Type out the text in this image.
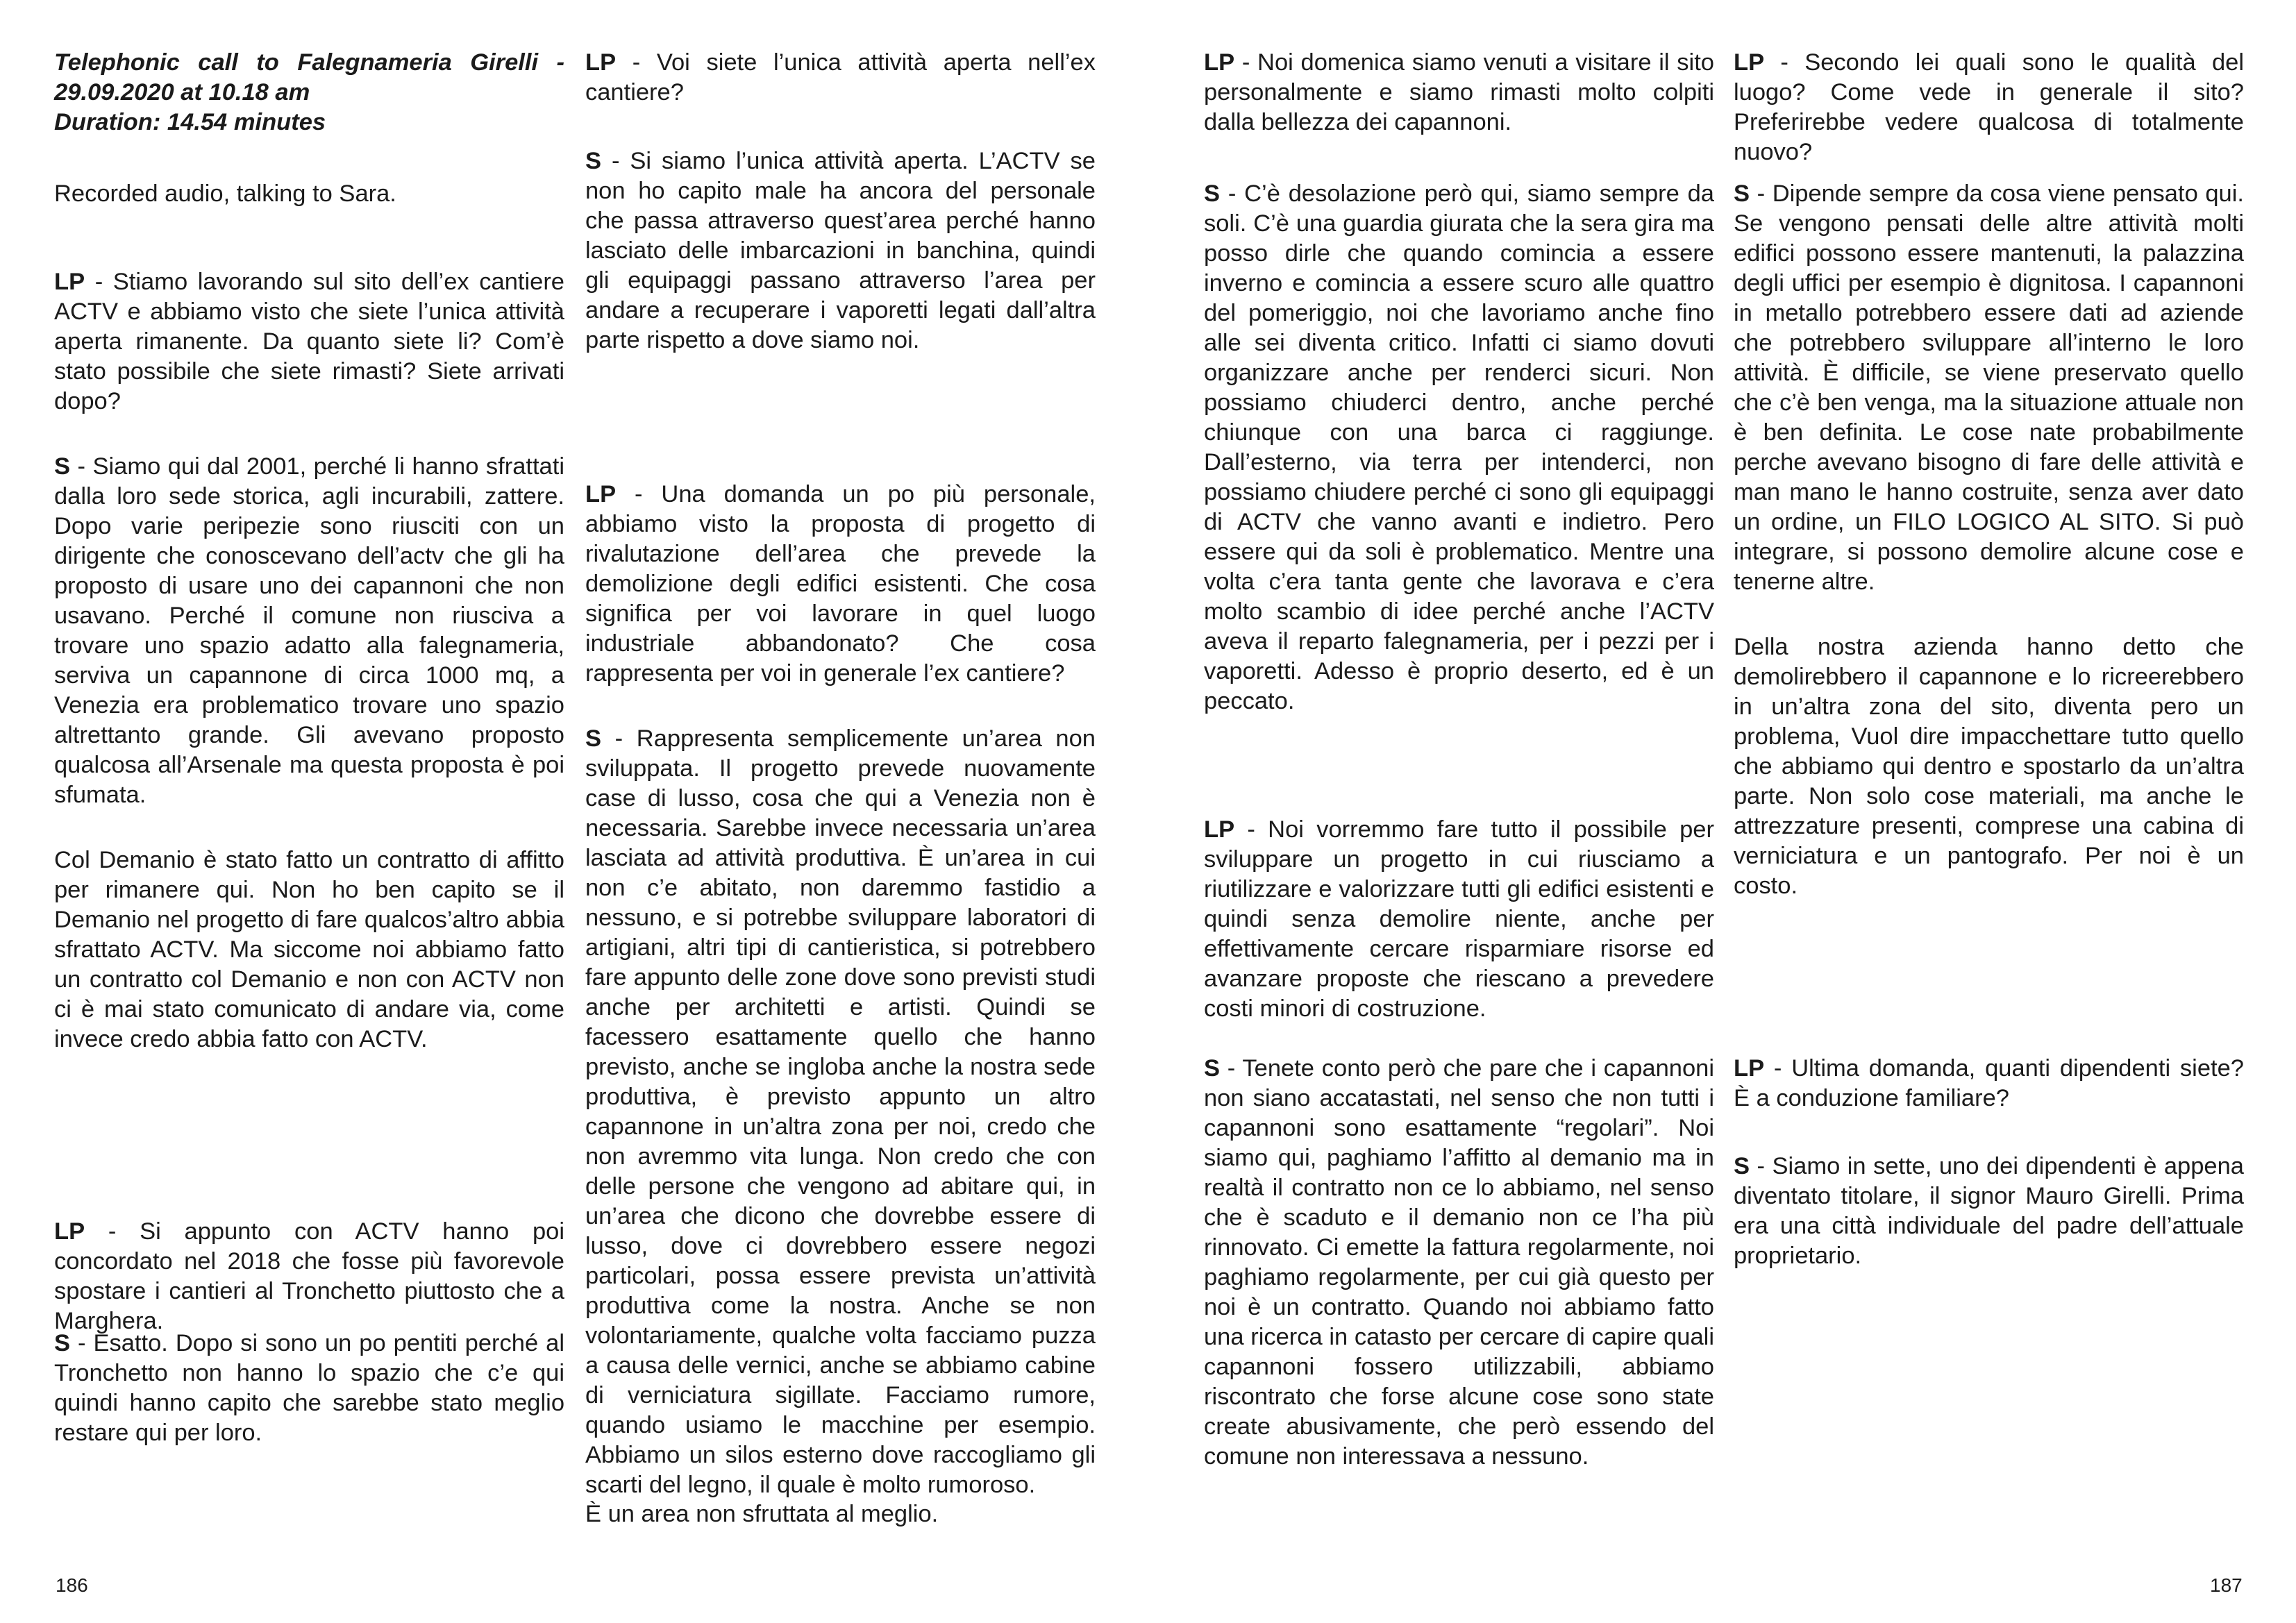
Telephonic call to Falegnameria Girelli -
29.09.2020 at 10.18 am
Duration: 14.54 minutes

Recorded audio, talking to Sara.

LP - Stiamo lavorando sul sito dell’ex cantiere ACTV e abbiamo visto che siete l’unica attività aperta rimanente. Da quanto siete li? Com’è stato possibile che siete rimasti? Siete arrivati dopo?

S - Siamo qui dal 2001, perché li hanno sfrattati dalla loro sede storica, agli incurabili, zattere. Dopo varie peripezie sono riusciti con un dirigente che conoscevano dell’actv che gli ha proposto di usare uno dei capannoni che non usavano. Perché il comune non riusciva a trovare uno spazio adatto alla falegnameria, serviva un capannone di circa 1000 mq, a Venezia era problematico trovare uno spazio altrettanto grande. Gli avevano proposto qualcosa all’Arsenale ma questa proposta è poi sfumata.

Col Demanio è stato fatto un contratto di affitto per rimanere qui. Non ho ben capito se il Demanio nel progetto di fare qualcos’altro abbia sfrattato ACTV. Ma siccome noi abbiamo fatto un contratto col Demanio e non con ACTV non ci è mai stato comunicato di andare via, come invece credo abbia fatto con ACTV.

LP - Si appunto con ACTV hanno poi concordato nel 2018 che fosse più favorevole spostare i cantieri al Tronchetto piuttosto che a Marghera.

S - Esatto. Dopo si sono un po pentiti perché al Tronchetto non hanno lo spazio che c’e qui quindi hanno capito che sarebbe stato meglio restare qui per loro.

LP - Voi siete l’unica attività aperta nell’ex cantiere?

S - Si siamo l’unica attività aperta. L’ACTV se non ho capito male ha ancora del personale che passa attraverso quest’area perché hanno lasciato delle imbarcazioni in banchina, quindi gli equipaggi passano attraverso l’area per andare a recuperare i vaporetti legati dall’altra parte rispetto a dove siamo noi.

LP - Una domanda un po più personale, abbiamo visto la proposta di progetto di rivalutazione dell’area che prevede la demolizione degli edifici esistenti. Che cosa significa per voi lavorare in quel luogo industriale abbandonato? Che cosa rappresenta per voi in generale l’ex cantiere?

S - Rappresenta semplicemente un’area non sviluppata. Il progetto prevede nuovamente case di lusso, cosa che qui a Venezia non è necessaria. Sarebbe invece necessaria un’area lasciata ad attività produttiva. È un’area in cui non c’e abitato, non daremmo fastidio a nessuno, e si potrebbe sviluppare laboratori di artigiani, altri tipi di cantieristica, si potrebbero fare appunto delle zone dove sono previsti studi anche per architetti e artisti. Quindi se facessero esattamente quello che hanno previsto, anche se ingloba anche la nostra sede produttiva, è previsto appunto un altro capannone in un’altra zona per noi, credo che non avremmo vita lunga. Non credo che con delle persone che vengono ad abitare qui, in un’area che dicono che dovrebbe essere di lusso, dove ci dovrebbero essere negozi particolari, possa essere prevista un’attività produttiva come la nostra. Anche se non volontariamente, qualche volta facciamo puzza a causa delle vernici, anche se abbiamo cabine di verniciatura sigillate. Facciamo rumore, quando usiamo le macchine per esempio. Abbiamo un silos esterno dove raccogliamo gli scarti del legno, il quale è molto rumoroso.

È un area non sfruttata al meglio.

LP - Noi domenica siamo venuti a visitare il sito personalmente e siamo rimasti molto colpiti dalla bellezza dei capannoni.

S - C’è desolazione però qui, siamo sempre da soli. C’è una guardia giurata che la sera gira ma posso dirle che quando comincia a essere inverno e comincia a essere scuro alle quattro del pomeriggio, noi che lavoriamo anche fino alle sei diventa critico. Infatti ci siamo dovuti organizzare anche per renderci sicuri. Non possiamo chiuderci dentro, anche perché chiunque con una barca ci raggiunge. Dall’esterno, via terra per intenderci, non possiamo chiudere perché ci sono gli equipaggi di ACTV che vanno avanti e indietro. Pero essere qui da soli è problematico. Mentre una volta c’era tanta gente che lavorava e c’era molto scambio di idee perché anche l’ACTV aveva il reparto falegnameria, per i pezzi per i vaporetti. Adesso è proprio deserto, ed è un peccato.

LP - Noi vorremmo fare tutto il possibile per sviluppare un progetto in cui riusciamo a riutilizzare e valorizzare tutti gli edifici esistenti e quindi senza demolire niente, anche per effettivamente cercare risparmiare risorse ed avanzare proposte che riescano a prevedere costi minori di costruzione.

S - Tenete conto però che pare che i capannoni non siano accatastati, nel senso che non tutti i capannoni sono esattamente “regolari”. Noi siamo qui, paghiamo l’affitto al demanio ma in realtà il contratto non ce lo abbiamo, nel senso che è scaduto e il demanio non ce l’ha più rinnovato. Ci emette la fattura regolarmente, noi paghiamo regolarmente, per cui già questo per noi è un contratto. Quando noi abbiamo fatto una ricerca in catasto per cercare di capire quali capannoni fossero utilizzabili, abbiamo riscontrato che forse alcune cose sono state create abusivamente, che però essendo del comune non interessava a nessuno.

LP - Secondo lei quali sono le qualità del luogo? Come vede in generale il sito? Preferirebbe vedere qualcosa di totalmente nuovo?

S - Dipende sempre da cosa viene pensato qui. Se vengono pensati delle altre attività molti edifici possono essere mantenuti, la palazzina degli uffici per esempio è dignitosa. I capannoni in metallo potrebbero essere dati ad aziende che potrebbero sviluppare all’interno le loro attività. È difficile, se viene preservato quello che c’è ben venga, ma la situazione attuale non è ben definita. Le cose nate probabilmente perche avevano bisogno di fare delle attività e man mano le hanno costruite, senza aver dato un ordine, un FILO LOGICO AL SITO. Si può integrare, si possono demolire alcune cose e tenerne altre.

Della nostra azienda hanno detto che demolirebbero il capannone e lo ricreerebbero in un’altra zona del sito, diventa pero un problema, Vuol dire impacchettare tutto quello che abbiamo qui dentro e spostarlo da un’altra parte. Non solo cose materiali, ma anche le attrezzature presenti, comprese una cabina di verniciatura e un pantografo. Per noi è un costo.

LP - Ultima domanda, quanti dipendenti siete? È a conduzione familiare?

S - Siamo in sette, uno dei dipendenti è appena diventato titolare, il signor Mauro Girelli. Prima era una città individuale del padre dell’attuale proprietario.

186	187
